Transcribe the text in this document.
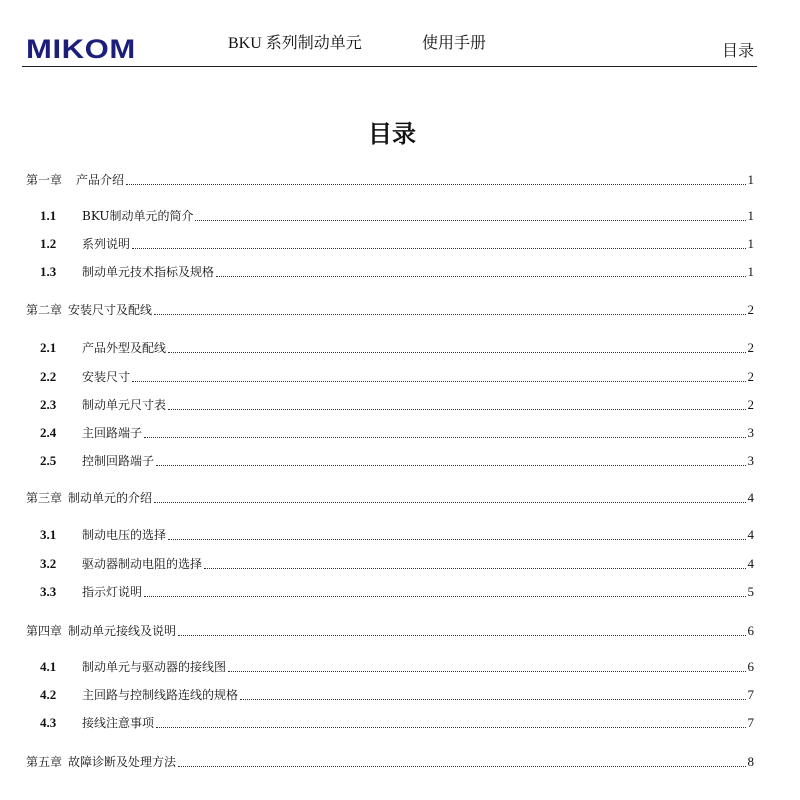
MIKOM	BKU 系列制动单元	使用手册	目录
目录
第一章	产品介绍	1
1.1	BKU制动单元的简介	1
1.2	系列说明	1
1.3	制动单元技术指标及规格	1
第二章 安装尺寸及配线	2
2.1	产品外型及配线	2
2.2	安装尺寸	2
2.3	制动单元尺寸表	2
2.4	主回路端子	3
2.5	控制回路端子	3
第三章 制动单元的介绍	4
3.1	制动电压的选择	4
3.2	驱动器制动电阻的选择	4
3.3	指示灯说明	5
第四章 制动单元接线及说明	6
4.1	制动单元与驱动器的接线图	6
4.2	主回路与控制线路连线的规格	7
4.3	接线注意事项	7
第五章 故障诊断及处理方法	8
